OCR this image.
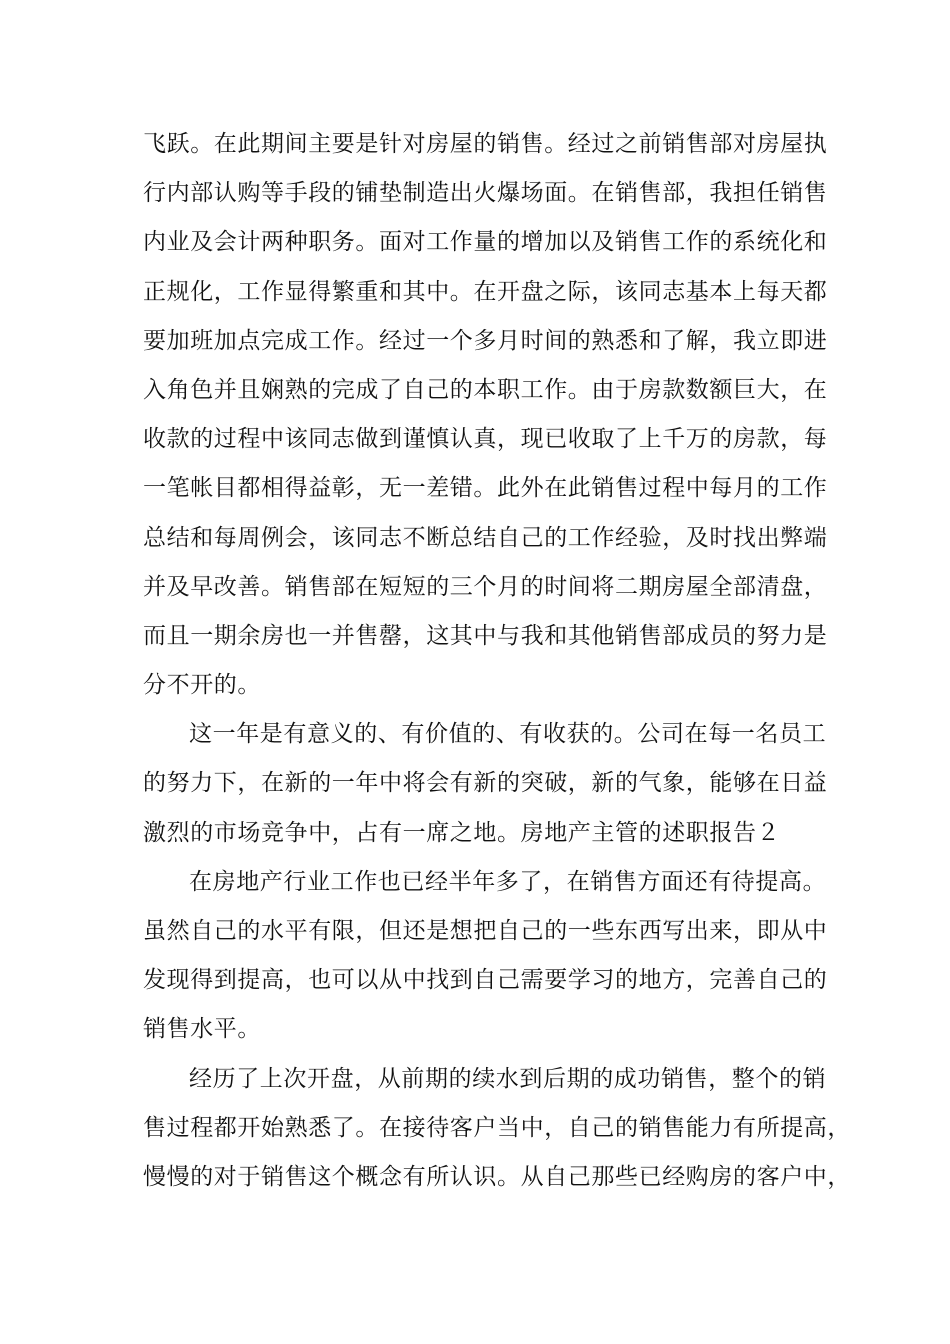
飞跃。在此期间主要是针对房屋的销售。经过之前销售部对房屋执
行内部认购等手段的铺垫制造出火爆场面。在销售部，我担任销售
内业及会计两种职务。面对工作量的增加以及销售工作的系统化和
正规化，工作显得繁重和其中。在开盘之际，该同志基本上每天都
要加班加点完成工作。经过一个多月时间的熟悉和了解，我立即进
入角色并且娴熟的完成了自己的本职工作。由于房款数额巨大，在
收款的过程中该同志做到谨慎认真，现已收取了上千万的房款，每
一笔帐目都相得益彰，无一差错。此外在此销售过程中每月的工作
总结和每周例会，该同志不断总结自己的工作经验，及时找出弊端
并及早改善。销售部在短短的三个月的时间将二期房屋全部清盘，
而且一期余房也一并售罄，这其中与我和其他销售部成员的努力是
分不开的。
这一年是有意义的、有价值的、有收获的。公司在每一名员工
的努力下，在新的一年中将会有新的突破，新的气象，能够在日益
激烈的市场竞争中，占有一席之地。房地产主管的述职报告２
在房地产行业工作也已经半年多了，在销售方面还有待提高。
虽然自己的水平有限，但还是想把自己的一些东西写出来，即从中
发现得到提高，也可以从中找到自己需要学习的地方，完善自己的
销售水平。
经历了上次开盘，从前期的续水到后期的成功销售，整个的销
售过程都开始熟悉了。在接待客户当中，自己的销售能力有所提高，
慢慢的对于销售这个概念有所认识。从自己那些已经购房的客户中，
